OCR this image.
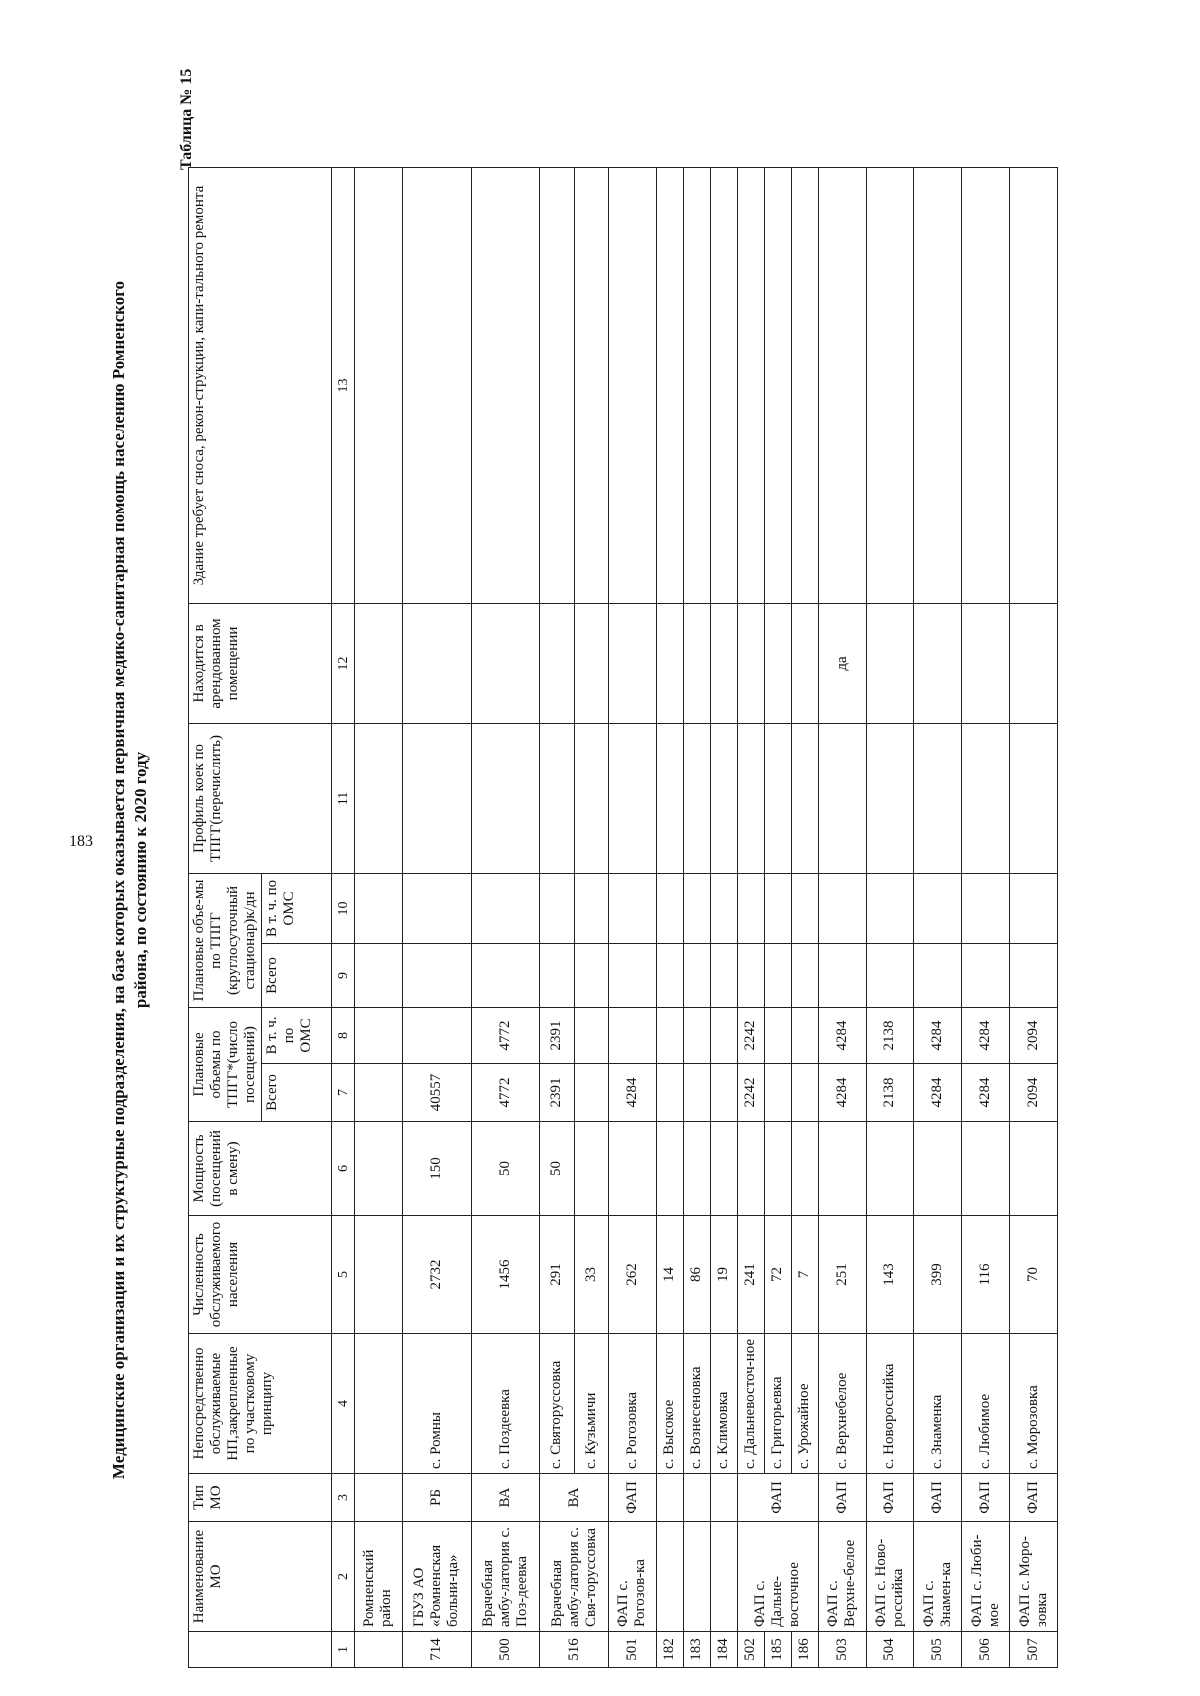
183 Медицинские организации и их структурные подразделения, на базе которых оказывается первичная медико-санитарная помощь населению Ромненского района, по состоянию к 2020 году
Таблица № 15
	Наименование МО	Тип МО	Непосредственно обслуживаемые НП,закрепленные по участковому принципу	Численность обслуживаемого населения	Мощность (посещений в смену)	Плановые объемы по ТПГГ*(число посещений)		Плановые объе-мы по ТПГГ (круглосуточный стационар)к/дн		Профиль коек по ТПГГ(перечислить)	Находится в арендованном помещении	Здание требует сноса, рекон-струкции, капи-тального ремонта
						Всего	В т. ч. по ОМС	Всего	В т. ч. по ОМС			
1	2	3	4	5	6	7	8	9	10	11	12	13
	Ромненский район											
714	ГБУЗ АО «Ромненская больни-ца»	РБ	с. Ромны	2732	150	40557						
500	Врачебная амбу-латория с. Поз-деевка	ВА	с. Поздеевка	1456	50	4772	4772					
516	Врачебная амбу-латория с. Свя-торуссовка	ВА	с. Святоруссовка	291	50	2391	2391					
			с. Кузьмичи	33								
501	ФАП с. Рогозов-ка	ФАП	с. Рогозовка	262		4284						
182			с. Высокое	14								
183			с. Вознесеновка	86								
184			с. Климовка	19								
502	ФАП с. Дальне-восточное	ФАП	с. Дальневосточ-ное	241		2242	2242					
185			с. Григорьевка	72								
186			с. Урожайное	7								
503	ФАП с. Верхне-белое	ФАП	с. Верхнебелое	251		4284	4284				да	
504	ФАП с. Ново-российка	ФАП	с. Новороссийка	143		2138	2138					
505	ФАП с. Знамен-ка	ФАП	с. Знаменка	399		4284	4284					
506	ФАП с. Люби-мое	ФАП	с. Любимое	116		4284	4284					
507	ФАП с. Моро-зовка	ФАП	с. Морозовка	70		2094	2094					
